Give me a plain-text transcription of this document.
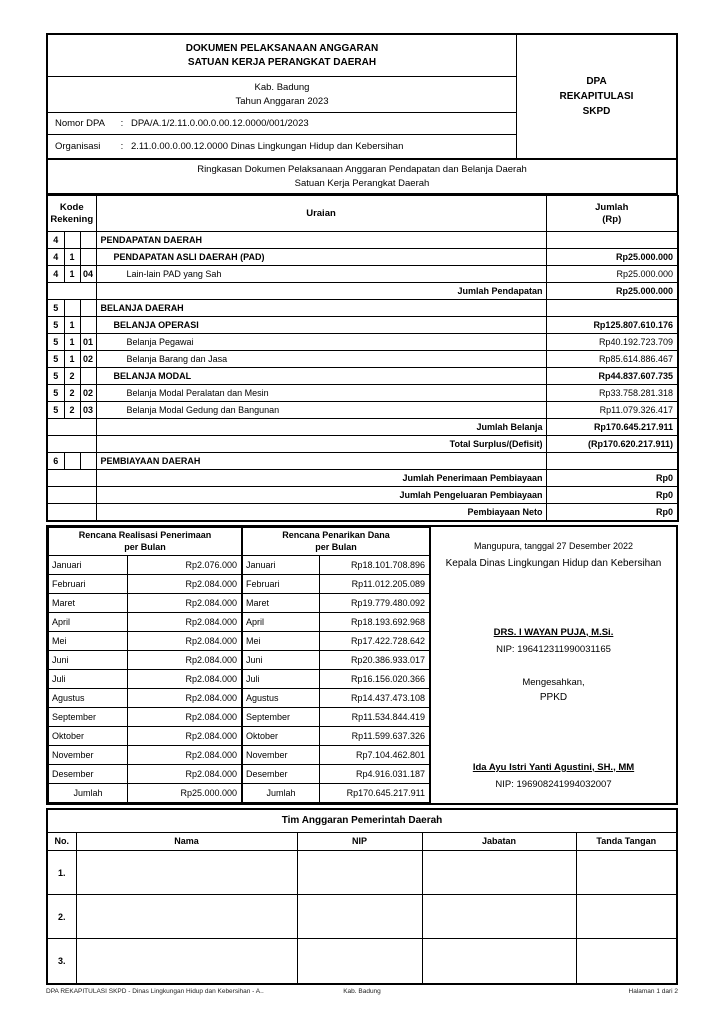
DOKUMEN PELAKSANAAN ANGGARAN
SATUAN KERJA PERANGKAT DAERAH
Kab. Badung
Tahun Anggaran 2023
Nomor DPA	: DPA/A.1/2.11.0.00.0.00.12.0000/001/2023
Organisasi	: 2.11.0.00.0.00.12.0000 Dinas Lingkungan Hidup dan Kebersihan
DPA
REKAPITULASI
SKPD
Ringkasan Dokumen Pelaksanaan Anggaran Pendapatan dan Belanja Daerah
Satuan Kerja Perangkat Daerah
Kode
Rekening			Uraian	Jumlah
(Rp)
4			PENDAPATAN DAERAH	
4	1		PENDAPATAN ASLI DAERAH (PAD)	Rp25.000.000
4	1	04	Lain-lain PAD yang Sah	Rp25.000.000
			Jumlah Pendapatan	Rp25.000.000
5			BELANJA DAERAH	
5	1		BELANJA OPERASI	Rp125.807.610.176
5	1	01	Belanja Pegawai	Rp40.192.723.709
5	1	02	Belanja Barang dan Jasa	Rp85.614.886.467
5	2		BELANJA MODAL	Rp44.837.607.735
5	2	02	Belanja Modal Peralatan dan Mesin	Rp33.758.281.318
5	2	03	Belanja Modal Gedung dan Bangunan	Rp11.079.326.417
			Jumlah Belanja	Rp170.645.217.911
			Total Surplus/(Defisit)	(Rp170.620.217.911)
6			PEMBIAYAAN DAERAH	
			Jumlah Penerimaan Pembiayaan	Rp0
			Jumlah Pengeluaran Pembiayaan	Rp0
			Pembiayaan Neto	Rp0
Rencana Realisasi Penerimaan
per Bulan	
Januari	Rp2.076.000
Februari	Rp2.084.000
Maret	Rp2.084.000
April	Rp2.084.000
Mei	Rp2.084.000
Juni	Rp2.084.000
Juli	Rp2.084.000
Agustus	Rp2.084.000
September	Rp2.084.000
Oktober	Rp2.084.000
November	Rp2.084.000
Desember	Rp2.084.000
Jumlah	Rp25.000.000
Rencana Penarikan Dana
per Bulan	
Januari	Rp18.101.708.896
Februari	Rp11.012.205.089
Maret	Rp19.779.480.092
April	Rp18.193.692.968
Mei	Rp17.422.728.642
Juni	Rp20.386.933.017
Juli	Rp16.156.020.366
Agustus	Rp14.437.473.108
September	Rp11.534.844.419
Oktober	Rp11.599.637.326
November	Rp7.104.462.801
Desember	Rp4.916.031.187
Jumlah	Rp170.645.217.911
Mangupura, tanggal 27 Desember 2022
Kepala Dinas Lingkungan Hidup dan Kebersihan
DRS. I WAYAN PUJA, M.Si.
NIP: 196412311990031165
Mengesahkan,
PPKD
Ida Ayu Istri Yanti Agustini, SH., MM
NIP: 196908241994032007
Tim Anggaran Pemerintah Daerah
No.	Nama	NIP	Jabatan	Tanda Tangan
1.				
2.				
3.				
DPA REKAPITULASI SKPD - Dinas Lingkungan Hidup dan Kebersihan - A..	Kab. Badung	Halaman 1 dari 2
